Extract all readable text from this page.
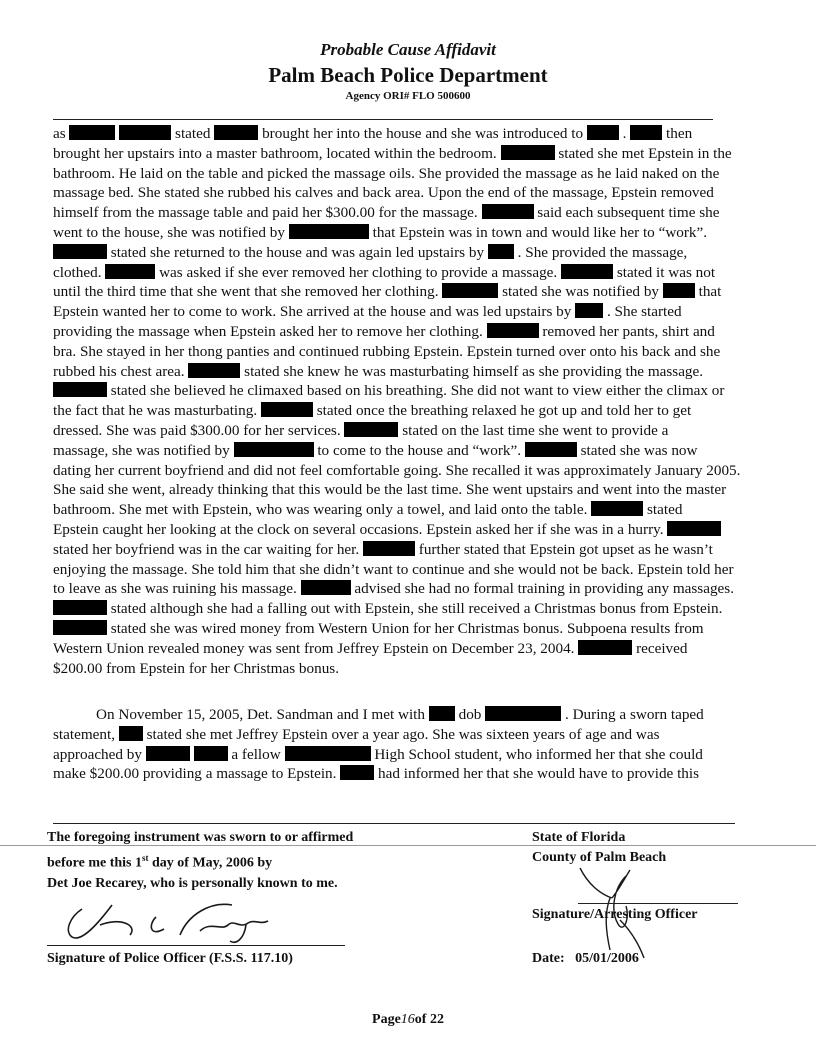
Probable Cause Affidavit
Palm Beach Police Department
Agency ORI# FLO 500600
as	stated	brought her into the house and she was introduced to	.	then
brought her upstairs into a master bathroom, located within the bedroom.	stated she met Epstein in the
bathroom. He laid on the table and picked the massage oils. She provided the massage as he laid naked on the
massage bed. She stated she rubbed his calves and back area. Upon the end of the massage, Epstein removed
himself from the massage table and paid her $300.00 for the massage.	said each subsequent time she
went to the house, she was notified by	that Epstein was in town and would like her to “work”.
stated she returned to the house and was again led upstairs by . She provided the massage,
clothed.	was asked if she ever removed her clothing to provide a massage.	stated it was not
until the third time that she went that she removed her clothing.	stated she was notified by	that
Epstein wanted her to come to work. She arrived at the house and was led upstairs by . She started
providing the massage when Epstein asked her to remove her clothing.	removed her pants, shirt and
bra. She stayed in her thong panties and continued rubbing Epstein. Epstein turned over onto his back and she
rubbed his chest area.	stated she knew he was masturbating himself as she providing the massage.
stated she believed he climaxed based on his breathing. She did not want to view either the climax or
the fact that he was masturbating.	stated once the breathing relaxed he got up and told her to get
dressed. She was paid $300.00 for her services.	stated on the last time she went to provide a
massage, she was notified by	to come to the house and “work”.	stated she was now
dating her current boyfriend and did not feel comfortable going. She recalled it was approximately January 2005.
She said she went, already thinking that this would be the last time. She went upstairs and went into the master
bathroom. She met with Epstein, who was wearing only a towel, and laid onto the table.	stated
Epstein caught her looking at the clock on several occasions. Epstein asked her if she was in a hurry.
stated her boyfriend was in the car waiting for her.	further stated that Epstein got upset as he wasn’t
enjoying the massage. She told him that she didn’t want to continue and she would not be back. Epstein told her
to leave as she was ruining his massage.	advised she had no formal training in providing any massages.
stated although she had a falling out with Epstein, she still received a Christmas bonus from Epstein.
stated she was wired money from Western Union for her Christmas bonus. Subpoena results from
Western Union revealed money was sent from Jeffrey Epstein on December 23, 2004.	received
$200.00 from Epstein for her Christmas bonus.
On November 15, 2005, Det. Sandman and I met with dob	. During a sworn taped
statement, stated she met Jeffrey Epstein over a year ago. She was sixteen years of age and was
approached by	a fellow	High School student, who informed her that she could
make $200.00 providing a massage to Epstein.	had informed her that she would have to provide this
The foregoing instrument was sworn to or affirmed
before me this 1st day of May, 2006 by
Det Joe Recarey, who is personally known to me.
Signature of Police Officer (F.S.S. 117.10)
State of Florida
County of Palm Beach
Signature/Arresting Officer
Date: 05/01/2006
Page16of 22
